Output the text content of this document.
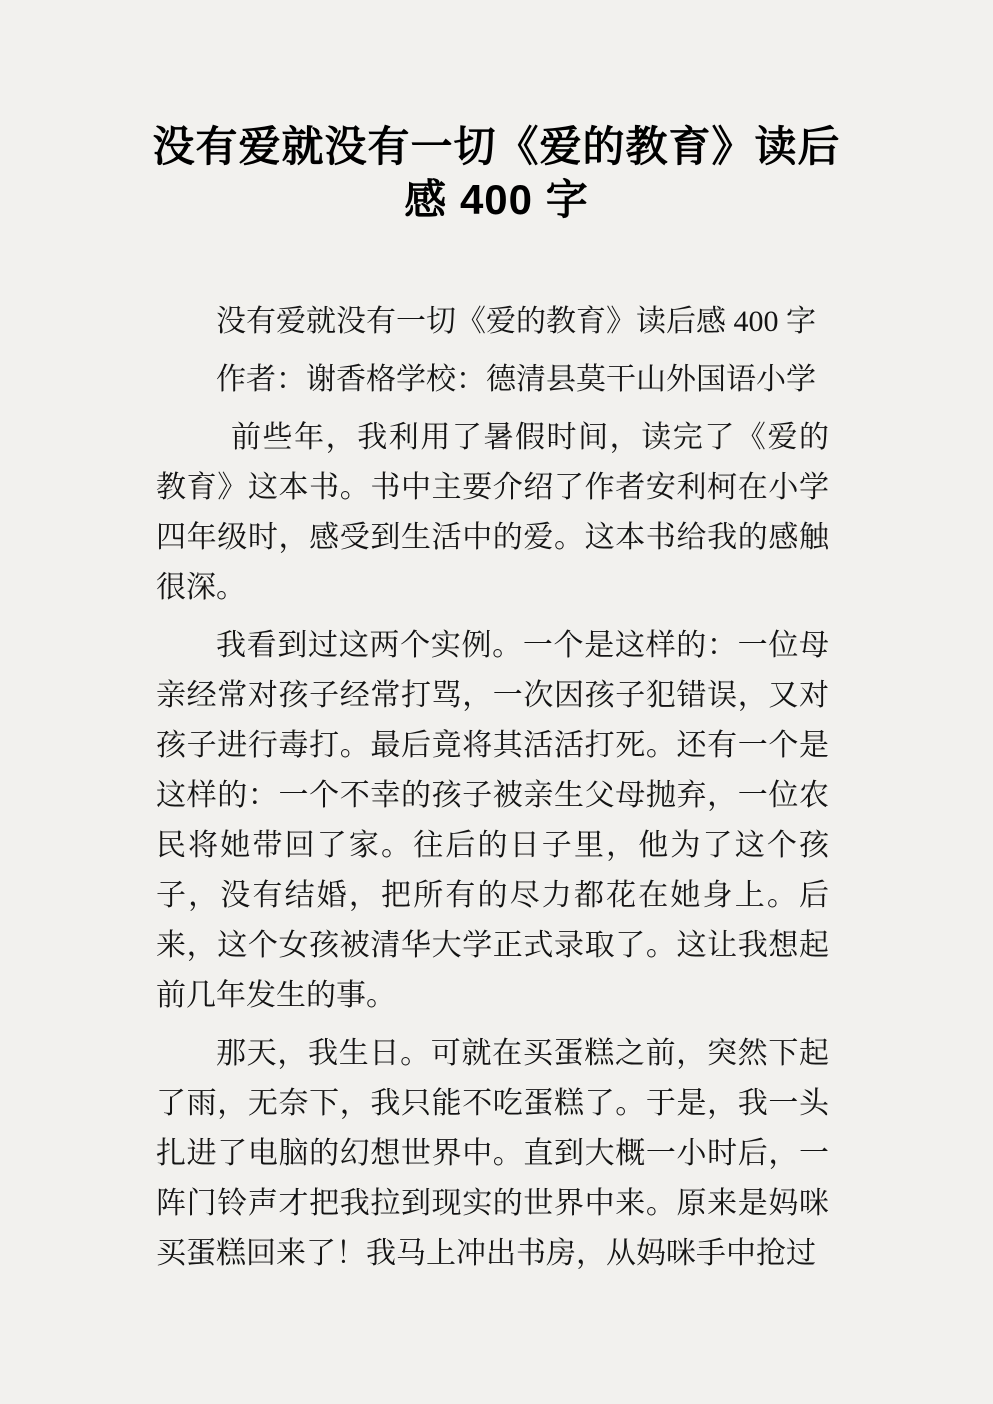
没有爱就没有一切《爱的教育》读后
感 400 字

没有爱就没有一切《爱的教育》读后感 400 字

作者：谢香格学校：德清县莫干山外国语小学

前些年，我利用了暑假时间，读完了《爱的教育》这本书。书中主要介绍了作者安利柯在小学四年级时，感受到生活中的爱。这本书给我的感触很深。

我看到过这两个实例。一个是这样的：一位母亲经常对孩子经常打骂，一次因孩子犯错误，又对孩子进行毒打。最后竟将其活活打死。还有一个是这样的：一个不幸的孩子被亲生父母抛弃，一位农民将她带回了家。往后的日子里，他为了这个孩子，没有结婚，把所有的尽力都花在她身上。后来，这个女孩被清华大学正式录取了。这让我想起前几年发生的事。

那天，我生日。可就在买蛋糕之前，突然下起了雨，无奈下，我只能不吃蛋糕了。于是，我一头扎进了电脑的幻想世界中。直到大概一小时后，一阵门铃声才把我拉到现实的世界中来。原来是妈咪买蛋糕回来了！我马上冲出书房，从妈咪手中抢过
